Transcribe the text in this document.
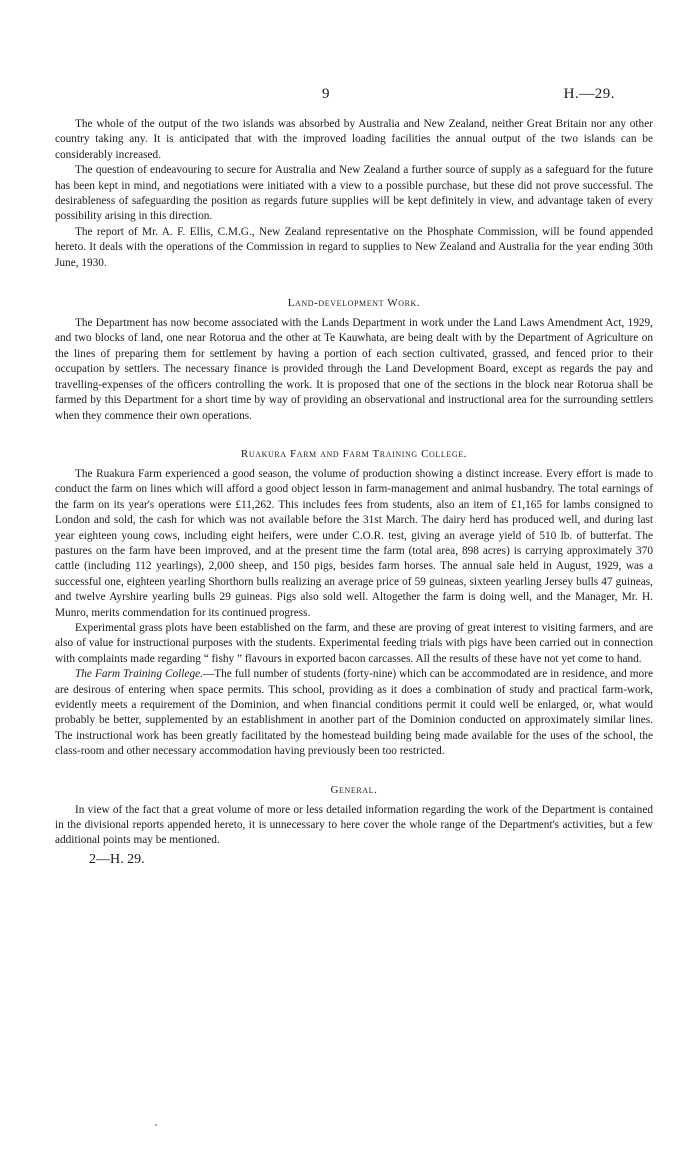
9	H.—29.

The whole of the output of the two islands was absorbed by Australia and New Zealand, neither Great Britain nor any other country taking any. It is anticipated that with the improved loading facilities the annual output of the two islands can be considerably increased.

The question of endeavouring to secure for Australia and New Zealand a further source of supply as a safeguard for the future has been kept in mind, and negotiations were initiated with a view to a possible purchase, but these did not prove successful. The desirableness of safeguarding the position as regards future supplies will be kept definitely in view, and advantage taken of every possibility arising in this direction.

The report of Mr. A. F. Ellis, C.M.G., New Zealand representative on the Phosphate Commission, will be found appended hereto. It deals with the operations of the Commission in regard to supplies to New Zealand and Australia for the year ending 30th June, 1930.

Land-development Work.

The Department has now become associated with the Lands Department in work under the Land Laws Amendment Act, 1929, and two blocks of land, one near Rotorua and the other at Te Kauwhata, are being dealt with by the Department of Agriculture on the lines of preparing them for settlement by having a portion of each section cultivated, grassed, and fenced prior to their occupation by settlers. The necessary finance is provided through the Land Development Board, except as regards the pay and travelling-expenses of the officers controlling the work. It is proposed that one of the sections in the block near Rotorua shall be farmed by this Department for a short time by way of providing an observational and instructional area for the surrounding settlers when they commence their own operations.

Ruakura Farm and Farm Training College.

The Ruakura Farm experienced a good season, the volume of production showing a distinct increase. Every effort is made to conduct the farm on lines which will afford a good object lesson in farm-management and animal husbandry. The total earnings of the farm on its year's operations were £11,262. This includes fees from students, also an item of £1,165 for lambs consigned to London and sold, the cash for which was not available before the 31st March. The dairy herd has produced well, and during last year eighteen young cows, including eight heifers, were under C.O.R. test, giving an average yield of 510 lb. of butterfat. The pastures on the farm have been improved, and at the present time the farm (total area, 898 acres) is carrying approximately 370 cattle (including 112 yearlings), 2,000 sheep, and 150 pigs, besides farm horses. The annual sale held in August, 1929, was a successful one, eighteen yearling Shorthorn bulls realizing an average price of 59 guineas, sixteen yearling Jersey bulls 47 guineas, and twelve Ayrshire yearling bulls 29 guineas. Pigs also sold well. Altogether the farm is doing well, and the Manager, Mr. H. Munro, merits commendation for its continued progress.

Experimental grass plots have been established on the farm, and these are proving of great interest to visiting farmers, and are also of value for instructional purposes with the students. Experimental feeding trials with pigs have been carried out in connection with complaints made regarding “ fishy ” flavours in exported bacon carcasses. All the results of these have not yet come to hand.

The Farm Training College.—The full number of students (forty-nine) which can be accommodated are in residence, and more are desirous of entering when space permits. This school, providing as it does a combination of study and practical farm-work, evidently meets a requirement of the Dominion, and when financial conditions permit it could well be enlarged, or, what would probably be better, supplemented by an establishment in another part of the Dominion conducted on approximately similar lines. The instructional work has been greatly facilitated by the homestead building being made available for the uses of the school, the class-room and other necessary accommodation having previously been too restricted.

General.

In view of the fact that a great volume of more or less detailed information regarding the work of the Department is contained in the divisional reports appended hereto, it is unnecessary to here cover the whole range of the Department's activities, but a few additional points may be mentioned.

2—H. 29.
